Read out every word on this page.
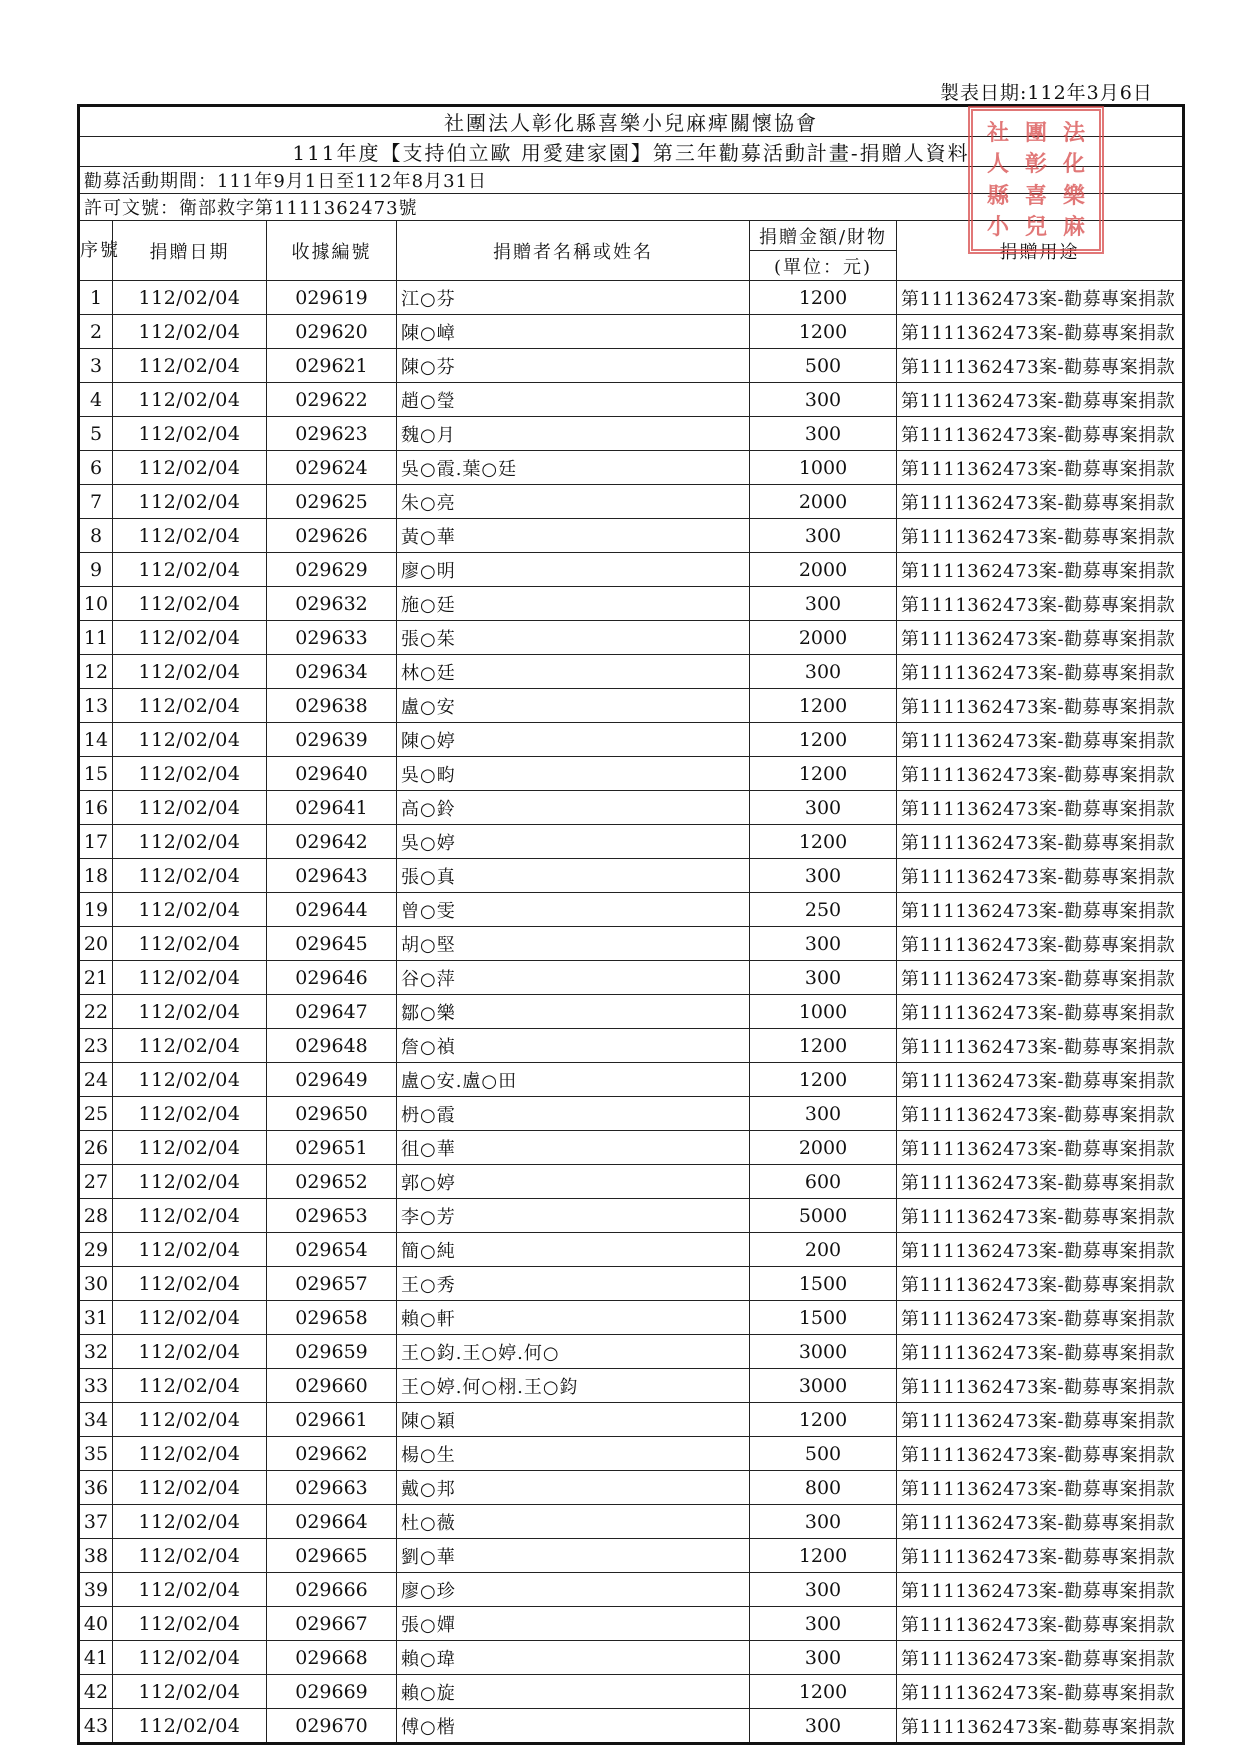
製表日期:112年3月6日
社團法人彰化縣喜樂小兒麻痺關懷協會					
111年度【支持伯立歐 用愛建家園】第三年勸募活動計畫-捐贈人資料					
勸募活動期間：111年9月1日至112年8月31日					
許可文號：衛部救字第1111362473號					
序號	捐贈日期	收據編號	捐贈者名稱或姓名	捐贈金額/財物	捐贈用途
				(單位：元)	
1	112/02/04	029619	江○芬	1200	第1111362473案-勸募專案捐款
2	112/02/04	029620	陳○嶂	1200	第1111362473案-勸募專案捐款
3	112/02/04	029621	陳○芬	500	第1111362473案-勸募專案捐款
4	112/02/04	029622	趙○瑩	300	第1111362473案-勸募專案捐款
5	112/02/04	029623	魏○月	300	第1111362473案-勸募專案捐款
6	112/02/04	029624	吳○霞.葉○廷	1000	第1111362473案-勸募專案捐款
7	112/02/04	029625	朱○亮	2000	第1111362473案-勸募專案捐款
8	112/02/04	029626	黃○華	300	第1111362473案-勸募專案捐款
9	112/02/04	029629	廖○明	2000	第1111362473案-勸募專案捐款
10	112/02/04	029632	施○廷	300	第1111362473案-勸募專案捐款
11	112/02/04	029633	張○茱	2000	第1111362473案-勸募專案捐款
12	112/02/04	029634	林○廷	300	第1111362473案-勸募專案捐款
13	112/02/04	029638	盧○安	1200	第1111362473案-勸募專案捐款
14	112/02/04	029639	陳○婷	1200	第1111362473案-勸募專案捐款
15	112/02/04	029640	吳○畇	1200	第1111362473案-勸募專案捐款
16	112/02/04	029641	高○鈴	300	第1111362473案-勸募專案捐款
17	112/02/04	029642	吳○婷	1200	第1111362473案-勸募專案捐款
18	112/02/04	029643	張○真	300	第1111362473案-勸募專案捐款
19	112/02/04	029644	曾○雯	250	第1111362473案-勸募專案捐款
20	112/02/04	029645	胡○堅	300	第1111362473案-勸募專案捐款
21	112/02/04	029646	谷○萍	300	第1111362473案-勸募專案捐款
22	112/02/04	029647	鄒○樂	1000	第1111362473案-勸募專案捐款
23	112/02/04	029648	詹○禎	1200	第1111362473案-勸募專案捐款
24	112/02/04	029649	盧○安.盧○田	1200	第1111362473案-勸募專案捐款
25	112/02/04	029650	枬○霞	300	第1111362473案-勸募專案捐款
26	112/02/04	029651	徂○華	2000	第1111362473案-勸募專案捐款
27	112/02/04	029652	郭○婷	600	第1111362473案-勸募專案捐款
28	112/02/04	029653	李○芳	5000	第1111362473案-勸募專案捐款
29	112/02/04	029654	簡○純	200	第1111362473案-勸募專案捐款
30	112/02/04	029657	王○秀	1500	第1111362473案-勸募專案捐款
31	112/02/04	029658	賴○軒	1500	第1111362473案-勸募專案捐款
32	112/02/04	029659	王○鈞.王○婷.何○	3000	第1111362473案-勸募專案捐款
33	112/02/04	029660	王○婷.何○栩.王○鈞	3000	第1111362473案-勸募專案捐款
34	112/02/04	029661	陳○穎	1200	第1111362473案-勸募專案捐款
35	112/02/04	029662	楊○生	500	第1111362473案-勸募專案捐款
36	112/02/04	029663	戴○邦	800	第1111362473案-勸募專案捐款
37	112/02/04	029664	杜○薇	300	第1111362473案-勸募專案捐款
38	112/02/04	029665	劉○華	1200	第1111362473案-勸募專案捐款
39	112/02/04	029666	廖○珍	300	第1111362473案-勸募專案捐款
40	112/02/04	029667	張○嬋	300	第1111362473案-勸募專案捐款
41	112/02/04	029668	賴○瑋	300	第1111362473案-勸募專案捐款
42	112/02/04	029669	賴○旋	1200	第1111362473案-勸募專案捐款
43	112/02/04	029670	傅○楷	300	第1111362473案-勸募專案捐款
社 團 法
人 彰 化
縣 喜 樂
小 兒 麻
